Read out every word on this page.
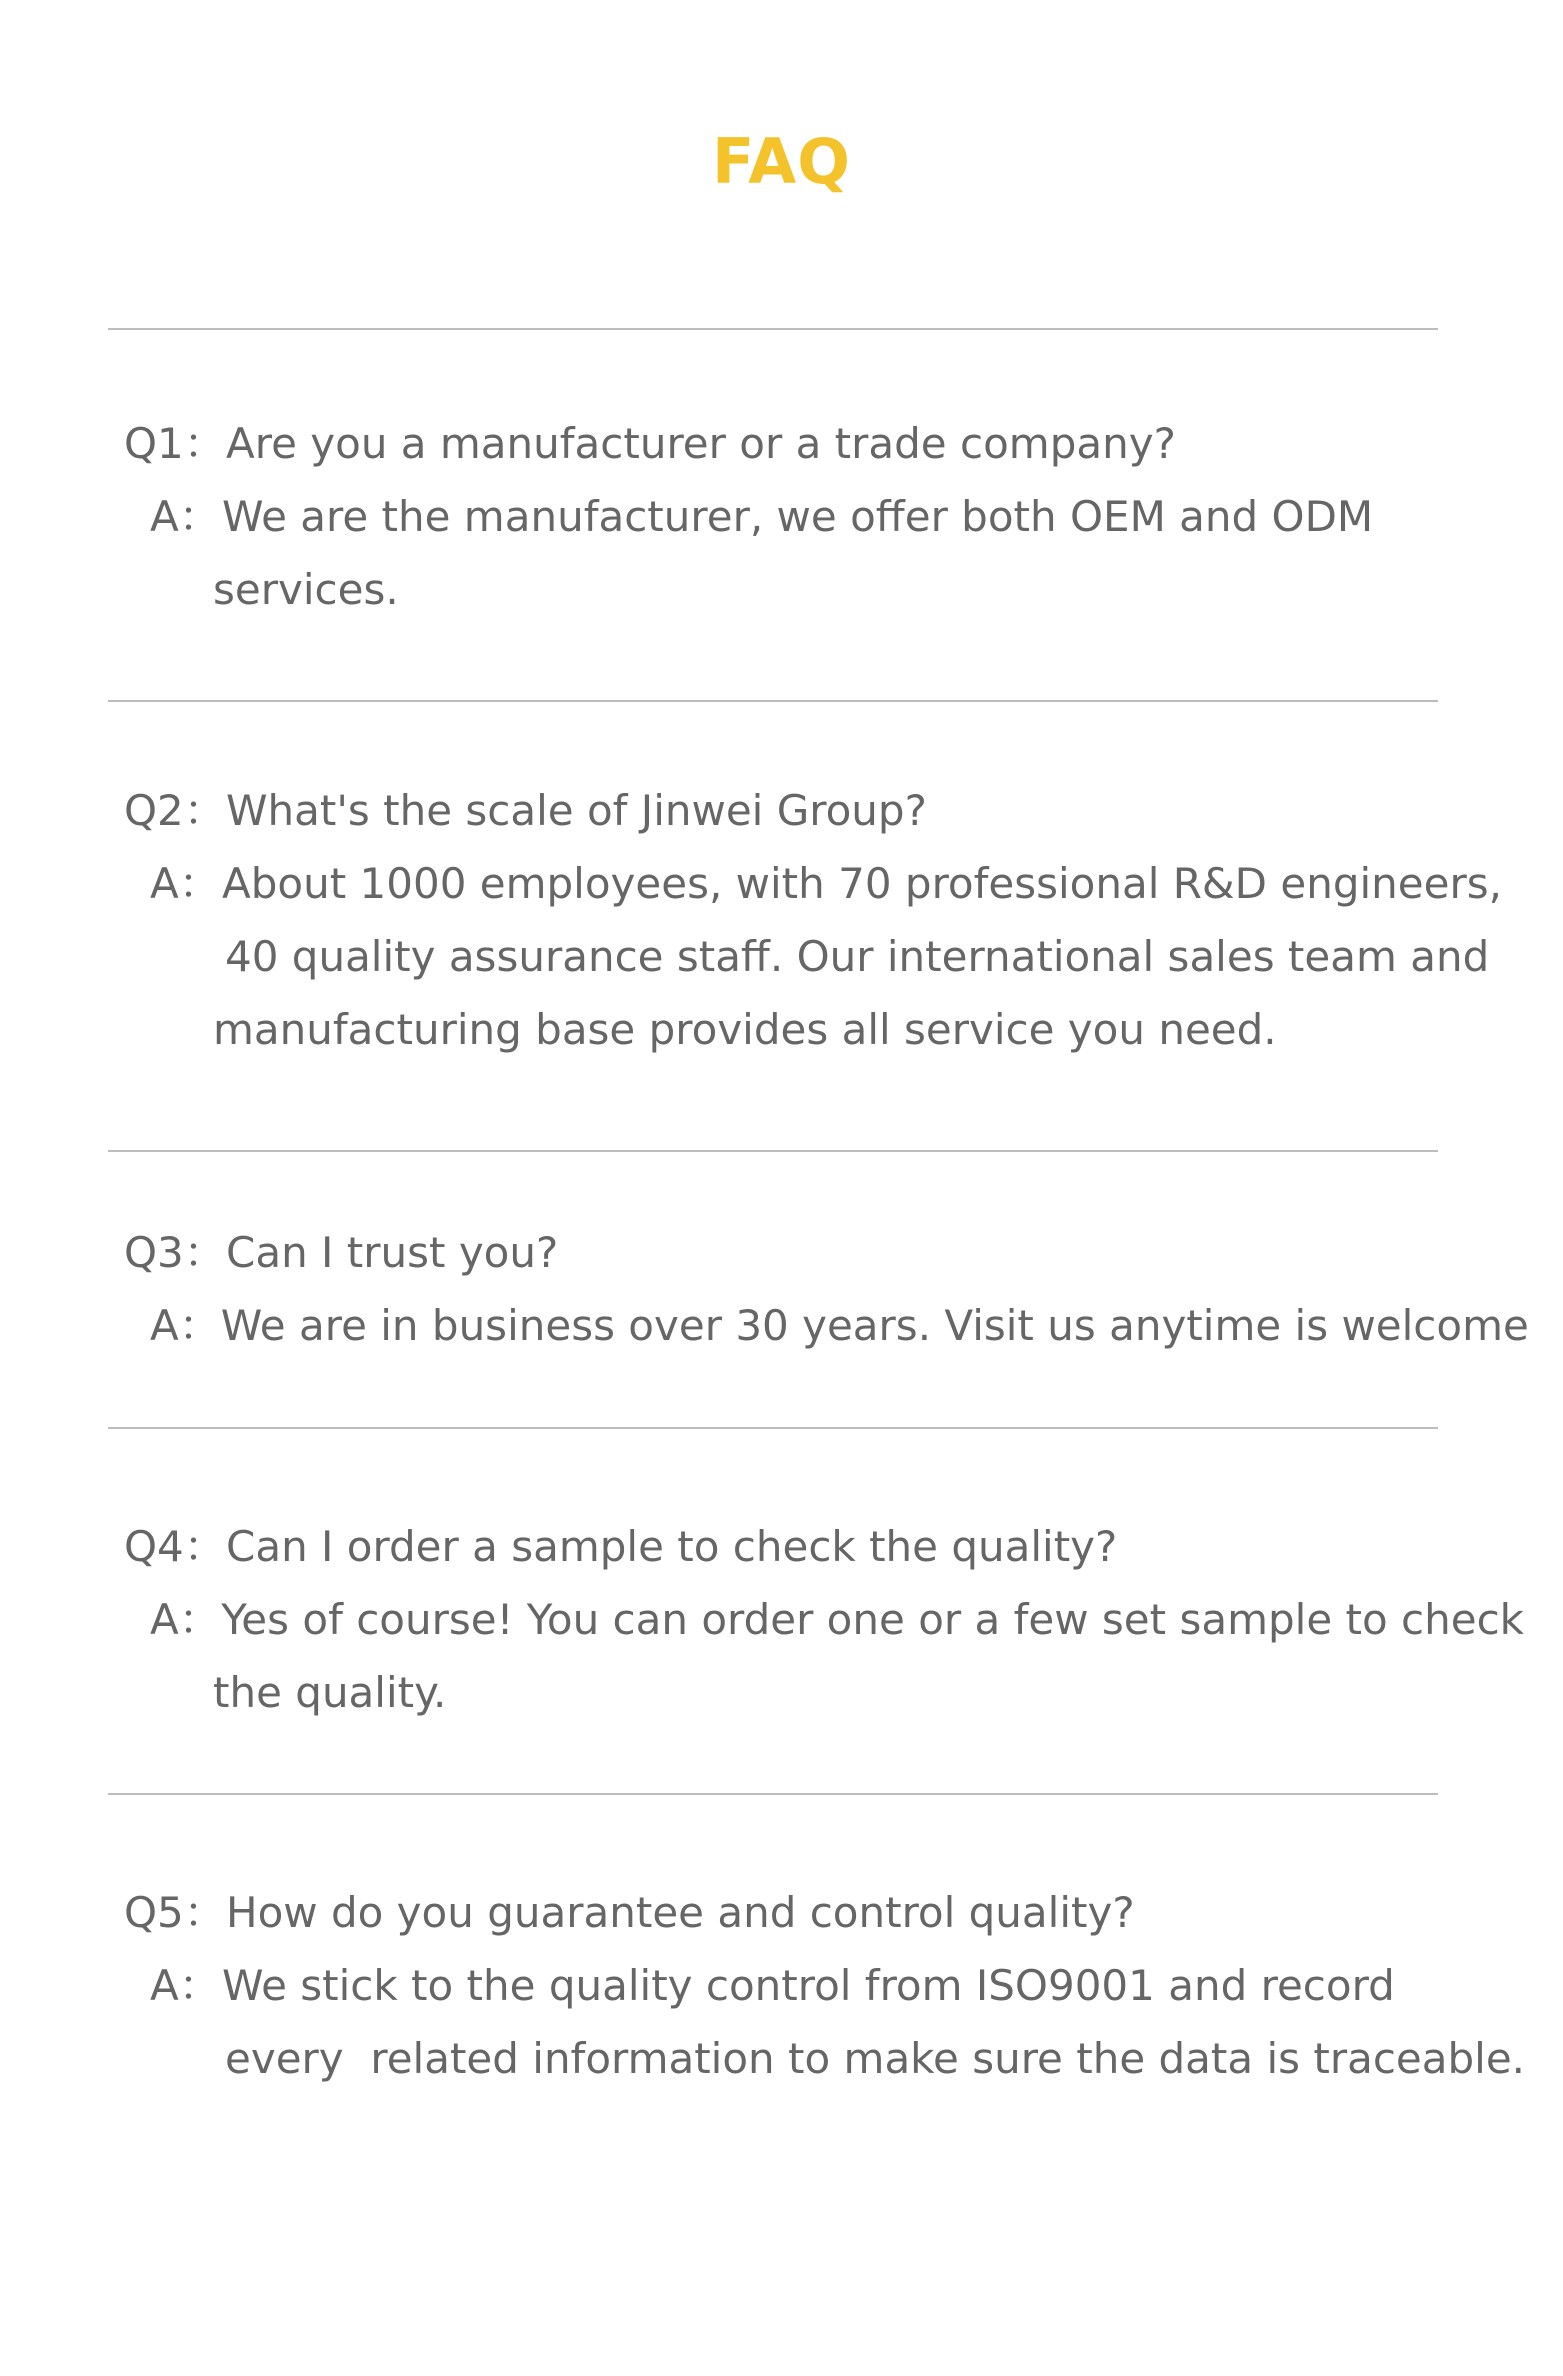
FAQ
Q1： Are you a manufacturer or a trade company?
A： We are the manufacturer, we offer both OEM and ODM
services.
Q2： What's the scale of Jinwei Group?
A： About 1000 employees, with 70 professional R&D engineers,
40 quality assurance staff. Our international sales team and
manufacturing base provides all service you need.
Q3： Can I trust you?
A： We are in business over 30 years. Visit us anytime is welcome
Q4： Can I order a sample to check the quality?
A： Yes of course! You can order one or a few set sample to check
the quality.
Q5： How do you guarantee and control quality?
A： We stick to the quality control from ISO9001 and record
every  related information to make sure the data is traceable.
